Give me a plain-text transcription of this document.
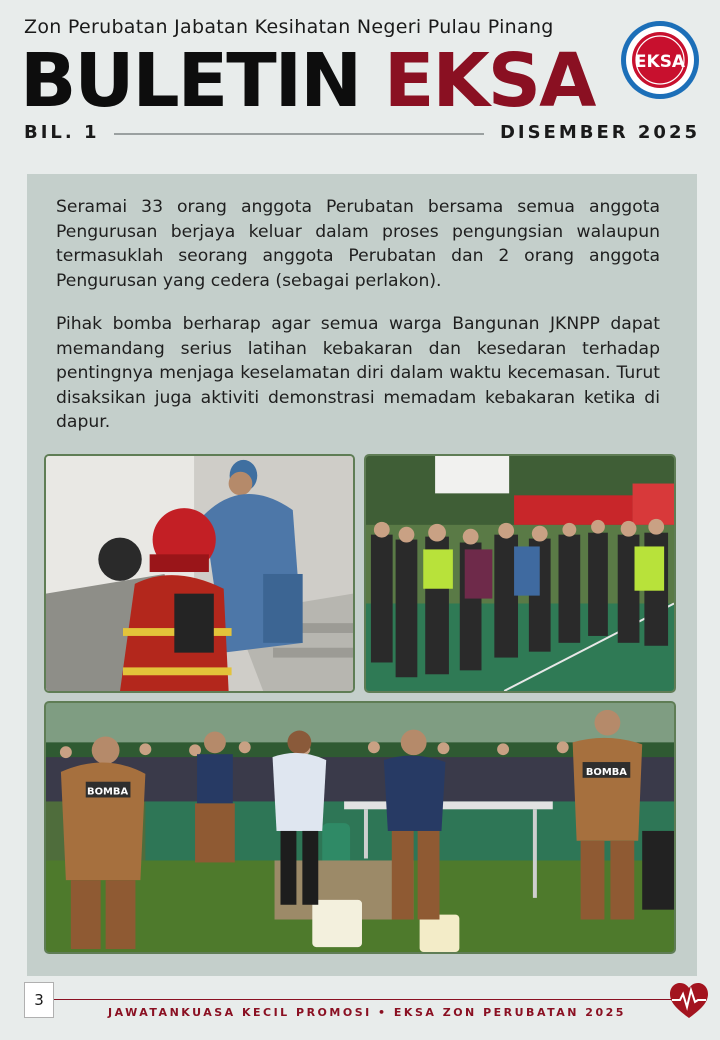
Zon Perubatan Jabatan Kesihatan Negeri Pulau Pinang
BULETIN EKSA EKSA
BIL. 1	DISEMBER 2025

Seramai 33 orang anggota Perubatan bersama semua anggota Pengurusan berjaya keluar dalam proses pengungsian walaupun termasuklah seorang anggota Perubatan dan 2 orang anggota Pengurusan yang cedera (sebagai perlakon).

Pihak bomba berharap agar semua warga Bangunan JKNPP dapat memandang serius latihan kebakaran dan kesedaran terhadap pentingnya menjaga keselamatan diri dalam waktu kecemasan. Turut disaksikan juga aktiviti demonstrasi memadam kebakaran ketika di dapur.

BOMBA
BOMBA
3
JAWATANKUASA KECIL PROMOSI • EKSA ZON PERUBATAN 2025
